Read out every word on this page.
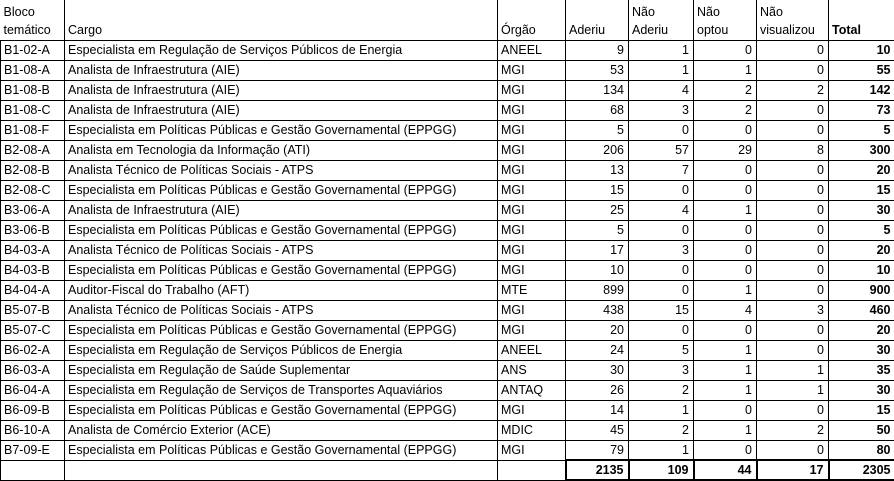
Bloco temático	Cargo	Órgão	Aderiu	Não Aderiu	Não optou	Não visualizou	Total
B1-02-A	Especialista em Regulação de Serviços Públicos de Energia	ANEEL	9	1	0	0	10
B1-08-A	Analista de Infraestrutura (AIE)	MGI	53	1	1	0	55
B1-08-B	Analista de Infraestrutura (AIE)	MGI	134	4	2	2	142
B1-08-C	Analista de Infraestrutura (AIE)	MGI	68	3	2	0	73
B1-08-F	Especialista em Políticas Públicas e Gestão Governamental (EPPGG)	MGI	5	0	0	0	5
B2-08-A	Analista em Tecnologia da Informação (ATI)	MGI	206	57	29	8	300
B2-08-B	Analista Técnico de Políticas Sociais - ATPS	MGI	13	7	0	0	20
B2-08-C	Especialista em Políticas Públicas e Gestão Governamental (EPPGG)	MGI	15	0	0	0	15
B3-06-A	Analista de Infraestrutura (AIE)	MGI	25	4	1	0	30
B3-06-B	Especialista em Políticas Públicas e Gestão Governamental (EPPGG)	MGI	5	0	0	0	5
B4-03-A	Analista Técnico de Políticas Sociais - ATPS	MGI	17	3	0	0	20
B4-03-B	Especialista em Políticas Públicas e Gestão Governamental (EPPGG)	MGI	10	0	0	0	10
B4-04-A	Auditor-Fiscal do Trabalho (AFT)	MTE	899	0	1	0	900
B5-07-B	Analista Técnico de Políticas Sociais - ATPS	MGI	438	15	4	3	460
B5-07-C	Especialista em Políticas Públicas e Gestão Governamental (EPPGG)	MGI	20	0	0	0	20
B6-02-A	Especialista em Regulação de Serviços Públicos de Energia	ANEEL	24	5	1	0	30
B6-03-A	Especialista em Regulação de Saúde Suplementar	ANS	30	3	1	1	35
B6-04-A	Especialista em Regulação de Serviços de Transportes Aquaviários	ANTAQ	26	2	1	1	30
B6-09-B	Especialista em Políticas Públicas e Gestão Governamental (EPPGG)	MGI	14	1	0	0	15
B6-10-A	Analista de Comércio Exterior (ACE)	MDIC	45	2	1	2	50
B7-09-E	Especialista em Políticas Públicas e Gestão Governamental (EPPGG)	MGI	79	1	0	0	80
			2135	109	44	17	2305
